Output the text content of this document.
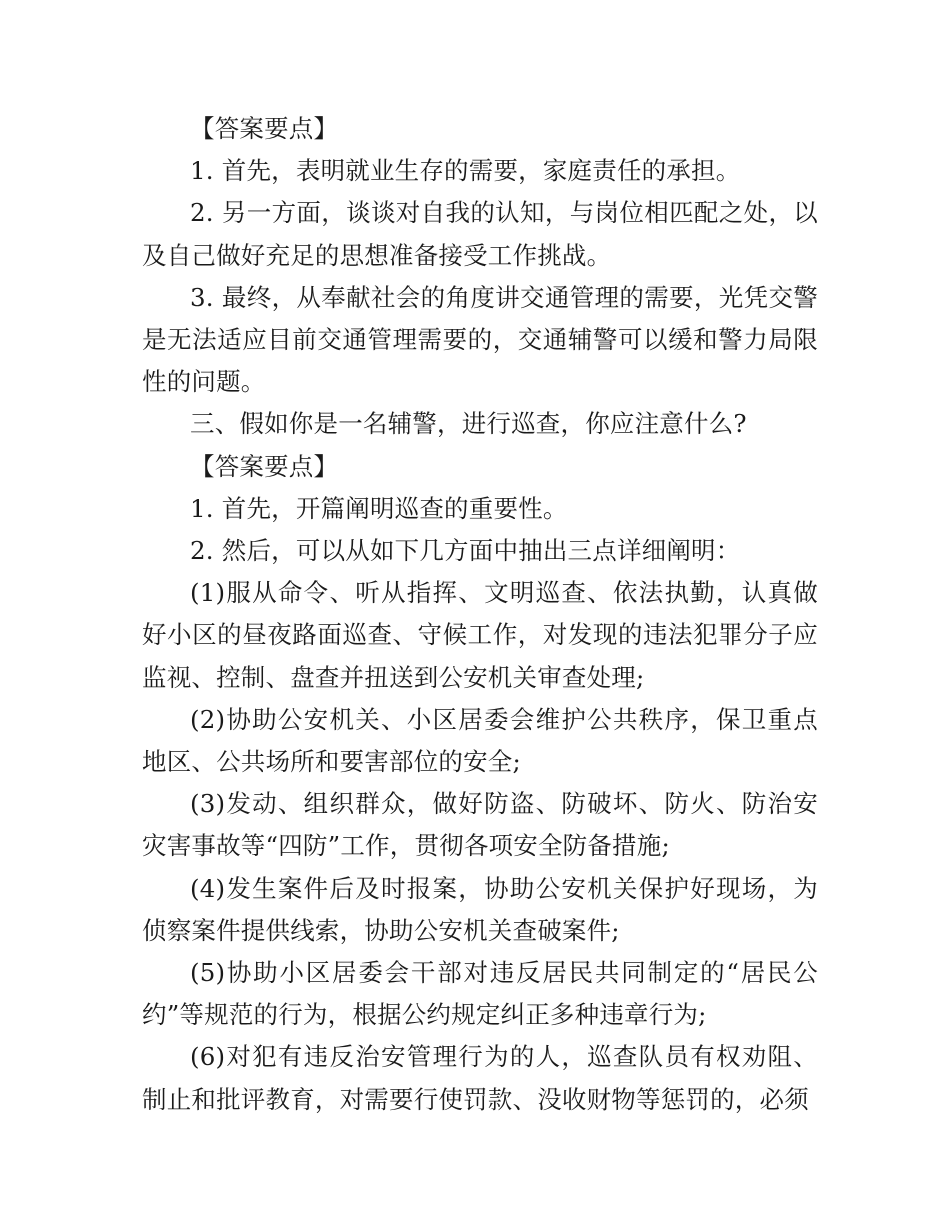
【答案要点】

1. 首先，表明就业生存的需要，家庭责任的承担。

2. 另一方面，谈谈对自我的认知，与岗位相匹配之处，以及自己做好充足的思想准备接受工作挑战。

3. 最终，从奉献社会的角度讲交通管理的需要，光凭交警是无法适应目前交通管理需要的，交通辅警可以缓和警力局限性的问题。

三、假如你是一名辅警，进行巡查，你应注意什么?

【答案要点】

1. 首先，开篇阐明巡查的重要性。

2. 然后，可以从如下几方面中抽出三点详细阐明：

(1)服从命令、听从指挥、文明巡查、依法执勤，认真做好小区的昼夜路面巡查、守候工作，对发现的违法犯罪分子应监视、控制、盘查并扭送到公安机关审查处理;

(2)协助公安机关、小区居委会维护公共秩序，保卫重点地区、公共场所和要害部位的安全;

(3)发动、组织群众，做好防盗、防破坏、防火、防治安灾害事故等“四防”工作，贯彻各项安全防备措施;

(4)发生案件后及时报案，协助公安机关保护好现场，为侦察案件提供线索，协助公安机关查破案件;

(5)协助小区居委会干部对违反居民共同制定的“居民公约”等规范的行为，根据公约规定纠正多种违章行为;

(6)对犯有违反治安管理行为的人，巡查队员有权劝阻、制止和批评教育，对需要行使罚款、没收财物等惩罚的，必须
